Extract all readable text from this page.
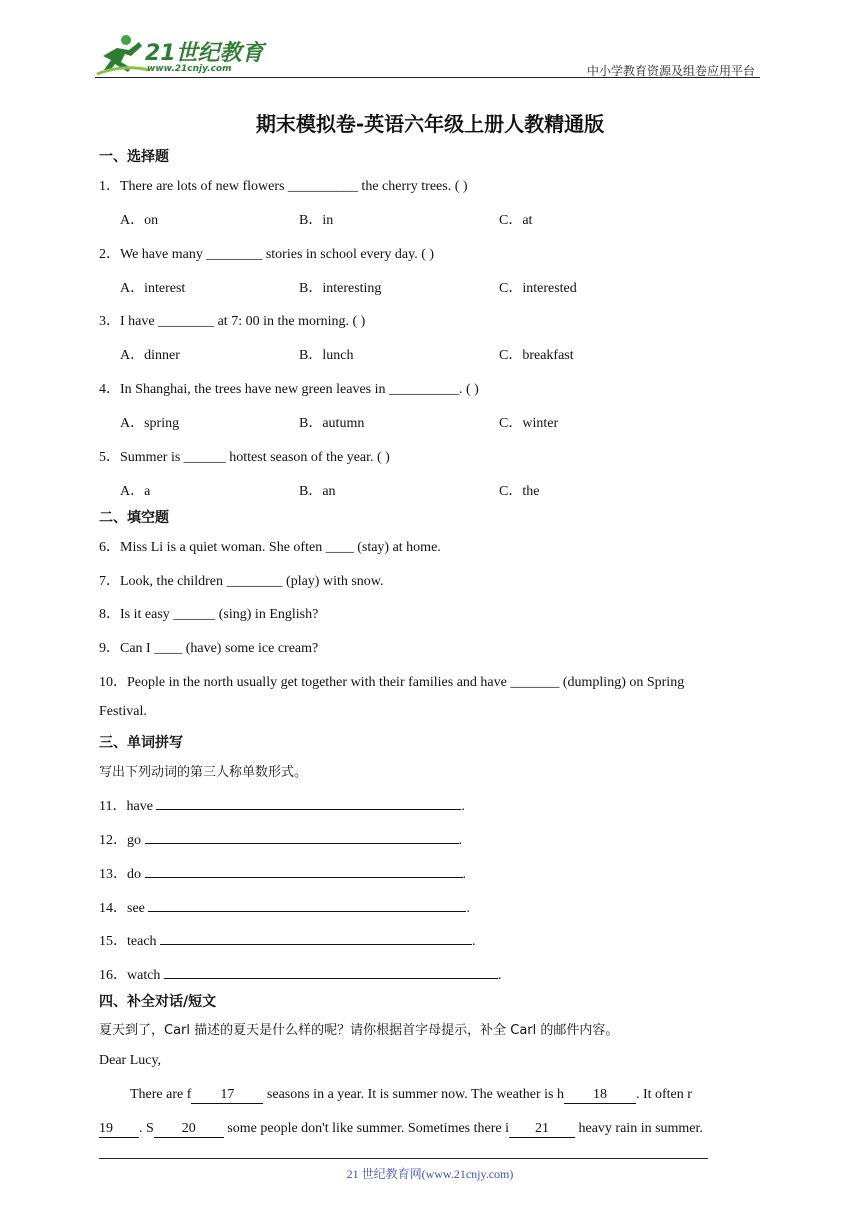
21世纪教育
www.21cnjy.com	中小学教育资源及组卷应用平台
期末模拟卷-英语六年级上册人教精通版
一、选择题
1．There are lots of new flowers __________ the cherry trees. ( )
A．on	B．in	C．at
2．We have many ________ stories in school every day. ( )
A．interest	B．interesting	C．interested
3．I have ________ at 7: 00 in the morning. ( )
A．dinner	B．lunch	C．breakfast
4．In Shanghai, the trees have new green leaves in __________. ( )
A．spring	B．autumn	C．winter
5．Summer is ______ hottest season of the year. ( )
A．a	B．an	C．the
二、填空题
6．Miss Li is a quiet woman. She often ____ (stay) at home.
7．Look, the children ________ (play) with snow.
8．Is it easy ______ (sing) in English?
9．Can I ____ (have) some ice cream?
10．People in the north usually get together with their families and have _______ (dumpling) on Spring
Festival.
三、单词拼写
写出下列动词的第三人称单数形式。
11．have	.
12．go	.
13．do	.
14．see	.
15．teach	.
16．watch	.
四、补全对话/短文
夏天到了，Carl 描述的夏天是什么样的呢？请你根据首字母提示，补全 Carl 的邮件内容。
Dear Lucy,
There are f 17 seasons in a year. It is summer now. The weather is h 18 . It often r
19 . S 20 some people don't like summer. Sometimes there i 21 heavy rain in summer.
21 世纪教育网(www.21cnjy.com)
